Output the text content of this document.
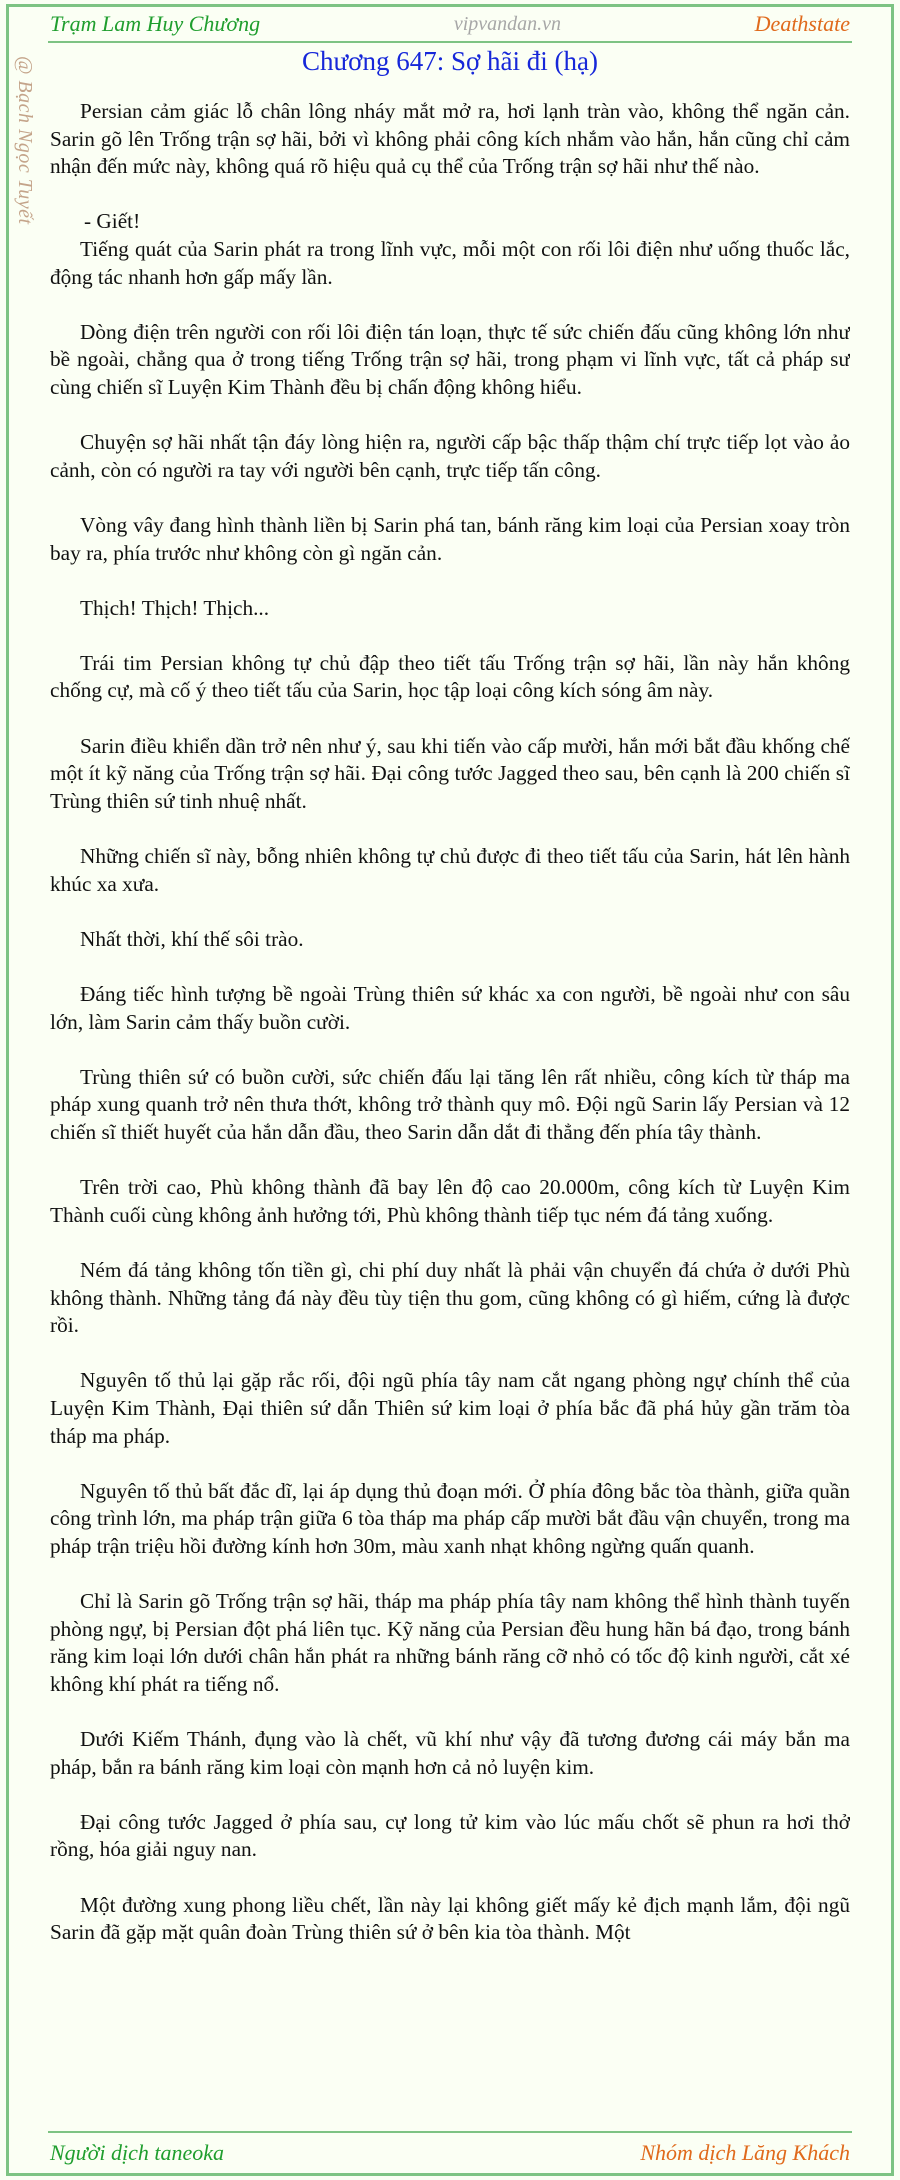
Trạm Lam Huy Chương	vipvandan.vn	Deathstate
@ Bạch Ngọc Tuyết	Chương 647: Sợ hãi đi (hạ)

Persian cảm giác lỗ chân lông nháy mắt mở ra, hơi lạnh tràn vào, không thể ngăn cản. Sarin gõ lên Trống trận sợ hãi, bởi vì không phải công kích nhắm vào hắn, hắn cũng chỉ cảm nhận đến mức này, không quá rõ hiệu quả cụ thể của Trống trận sợ hãi như thế nào.

- Giết!

Tiếng quát của Sarin phát ra trong lĩnh vực, mỗi một con rối lôi điện như uống thuốc lắc, động tác nhanh hơn gấp mấy lần.

Dòng điện trên người con rối lôi điện tán loạn, thực tế sức chiến đấu cũng không lớn như bề ngoài, chẳng qua ở trong tiếng Trống trận sợ hãi, trong phạm vi lĩnh vực, tất cả pháp sư cùng chiến sĩ Luyện Kim Thành đều bị chấn động không hiểu.

Chuyện sợ hãi nhất tận đáy lòng hiện ra, người cấp bậc thấp thậm chí trực tiếp lọt vào ảo cảnh, còn có người ra tay với người bên cạnh, trực tiếp tấn công.

Vòng vây đang hình thành liền bị Sarin phá tan, bánh răng kim loại của Persian xoay tròn bay ra, phía trước như không còn gì ngăn cản.

Thịch! Thịch! Thịch...

Trái tim Persian không tự chủ đập theo tiết tấu Trống trận sợ hãi, lần này hắn không chống cự, mà cố ý theo tiết tấu của Sarin, học tập loại công kích sóng âm này.

Sarin điều khiển dần trở nên như ý, sau khi tiến vào cấp mười, hắn mới bắt đầu khống chế một ít kỹ năng của Trống trận sợ hãi. Đại công tước Jagged theo sau, bên cạnh là 200 chiến sĩ Trùng thiên sứ tinh nhuệ nhất.

Những chiến sĩ này, bỗng nhiên không tự chủ được đi theo tiết tấu của Sarin, hát lên hành khúc xa xưa.

Nhất thời, khí thế sôi trào.

Đáng tiếc hình tượng bề ngoài Trùng thiên sứ khác xa con người, bề ngoài như con sâu lớn, làm Sarin cảm thấy buồn cười.

Trùng thiên sứ có buồn cười, sức chiến đấu lại tăng lên rất nhiều, công kích từ tháp ma pháp xung quanh trở nên thưa thớt, không trở thành quy mô. Đội ngũ Sarin lấy Persian và 12 chiến sĩ thiết huyết của hắn dẫn đầu, theo Sarin dẫn dắt đi thẳng đến phía tây thành.

Trên trời cao, Phù không thành đã bay lên độ cao 20.000m, công kích từ Luyện Kim Thành cuối cùng không ảnh hưởng tới, Phù không thành tiếp tục ném đá tảng xuống.

Ném đá tảng không tốn tiền gì, chi phí duy nhất là phải vận chuyển đá chứa ở dưới Phù không thành. Những tảng đá này đều tùy tiện thu gom, cũng không có gì hiếm, cứng là được rồi.

Nguyên tố thủ lại gặp rắc rối, đội ngũ phía tây nam cắt ngang phòng ngự chính thể của Luyện Kim Thành, Đại thiên sứ dẫn Thiên sứ kim loại ở phía bắc đã phá hủy gần trăm tòa tháp ma pháp.

Nguyên tố thủ bất đắc dĩ, lại áp dụng thủ đoạn mới. Ở phía đông bắc tòa thành, giữa quần công trình lớn, ma pháp trận giữa 6 tòa tháp ma pháp cấp mười bắt đầu vận chuyển, trong ma pháp trận triệu hồi đường kính hơn 30m, màu xanh nhạt không ngừng quấn quanh.

Chỉ là Sarin gõ Trống trận sợ hãi, tháp ma pháp phía tây nam không thể hình thành tuyến phòng ngự, bị Persian đột phá liên tục. Kỹ năng của Persian đều hung hãn bá đạo, trong bánh răng kim loại lớn dưới chân hắn phát ra những bánh răng cỡ nhỏ có tốc độ kinh người, cắt xé không khí phát ra tiếng nổ.

Dưới Kiếm Thánh, đụng vào là chết, vũ khí như vậy đã tương đương cái máy bắn ma pháp, bắn ra bánh răng kim loại còn mạnh hơn cả nỏ luyện kim.

Đại công tước Jagged ở phía sau, cự long tử kim vào lúc mấu chốt sẽ phun ra hơi thở rồng, hóa giải nguy nan.

Một đường xung phong liều chết, lần này lại không giết mấy kẻ địch mạnh lắm, đội ngũ Sarin đã gặp mặt quân đoàn Trùng thiên sứ ở bên kia tòa thành. Một

Người dịch taneoka	Nhóm dịch Lăng Khách
